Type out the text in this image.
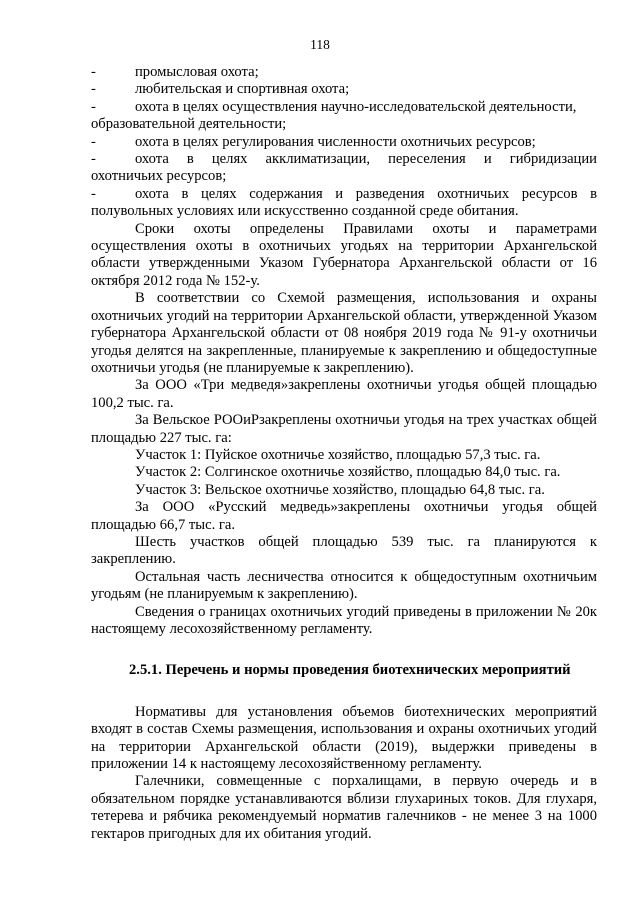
118
-	промысловая охота;
-	любительская и спортивная охота;
-	охота в целях осуществления научно-исследовательской деятельности,

образовательной деятельности;

-	охота в целях регулирования численности охотничьих ресурсов;
-	охота в целях акклиматизации, переселения и гибридизации

охотничьих ресурсов;

-	охота в целях содержания и разведения охотничьих ресурсов в

полувольных условиях или искусственно созданной среде обитания.

Сроки охоты определены Правилами охоты и параметрами осуществления охоты в охотничьих угодьях на территории Архангельской области утвержденными Указом Губернатора Архангельской области от 16 октября 2012 года № 152-у.

В соответствии со Схемой размещения, использования и охраны охотничьих угодий на территории Архангельской области, утвержденной Указом губернатора Архангельской области от 08 ноября 2019 года № 91-у охотничьи угодья делятся на закрепленные, планируемые к закреплению и общедоступные охотничьи угодья (не планируемые к закреплению).

За ООО «Три медведя»закреплены охотничьи угодья общей площадью 100,2 тыс. га.

За Вельское РООиРзакреплены охотничьи угодья на трех участках общей площадью 227 тыс. га:

Участок 1: Пуйское охотничье хозяйство, площадью 57,3 тыс. га.

Участок 2: Солгинское охотничье хозяйство, площадью 84,0 тыс. га.

Участок 3: Вельское охотничье хозяйство, площадью 64,8 тыс. га.

За ООО «Русский медведь»закреплены охотничьи угодья общей площадью 66,7 тыс. га.

Шесть участков общей площадью 539 тыс. га планируются к закреплению.

Остальная часть лесничества относится к общедоступным охотничьим угодьям (не планируемым к закреплению).

Сведения о границах охотничьих угодий приведены в приложении № 20к настоящему лесохозяйственному регламенту.

2.5.1. Перечень и нормы проведения биотехнических мероприятий

Нормативы для установления объемов биотехнических мероприятий входят в состав Схемы размещения, использования и охраны охотничьих угодий на территории Архангельской области (2019), выдержки приведены в приложении 14 к настоящему лесохозяйственному регламенту.

Галечники, совмещенные с порхалищами, в первую очередь и в обязательном порядке устанавливаются вблизи глухариных токов. Для глухаря, тетерева и рябчика рекомендуемый норматив галечников - не менее 3 на 1000 гектаров пригодных для их обитания угодий.
